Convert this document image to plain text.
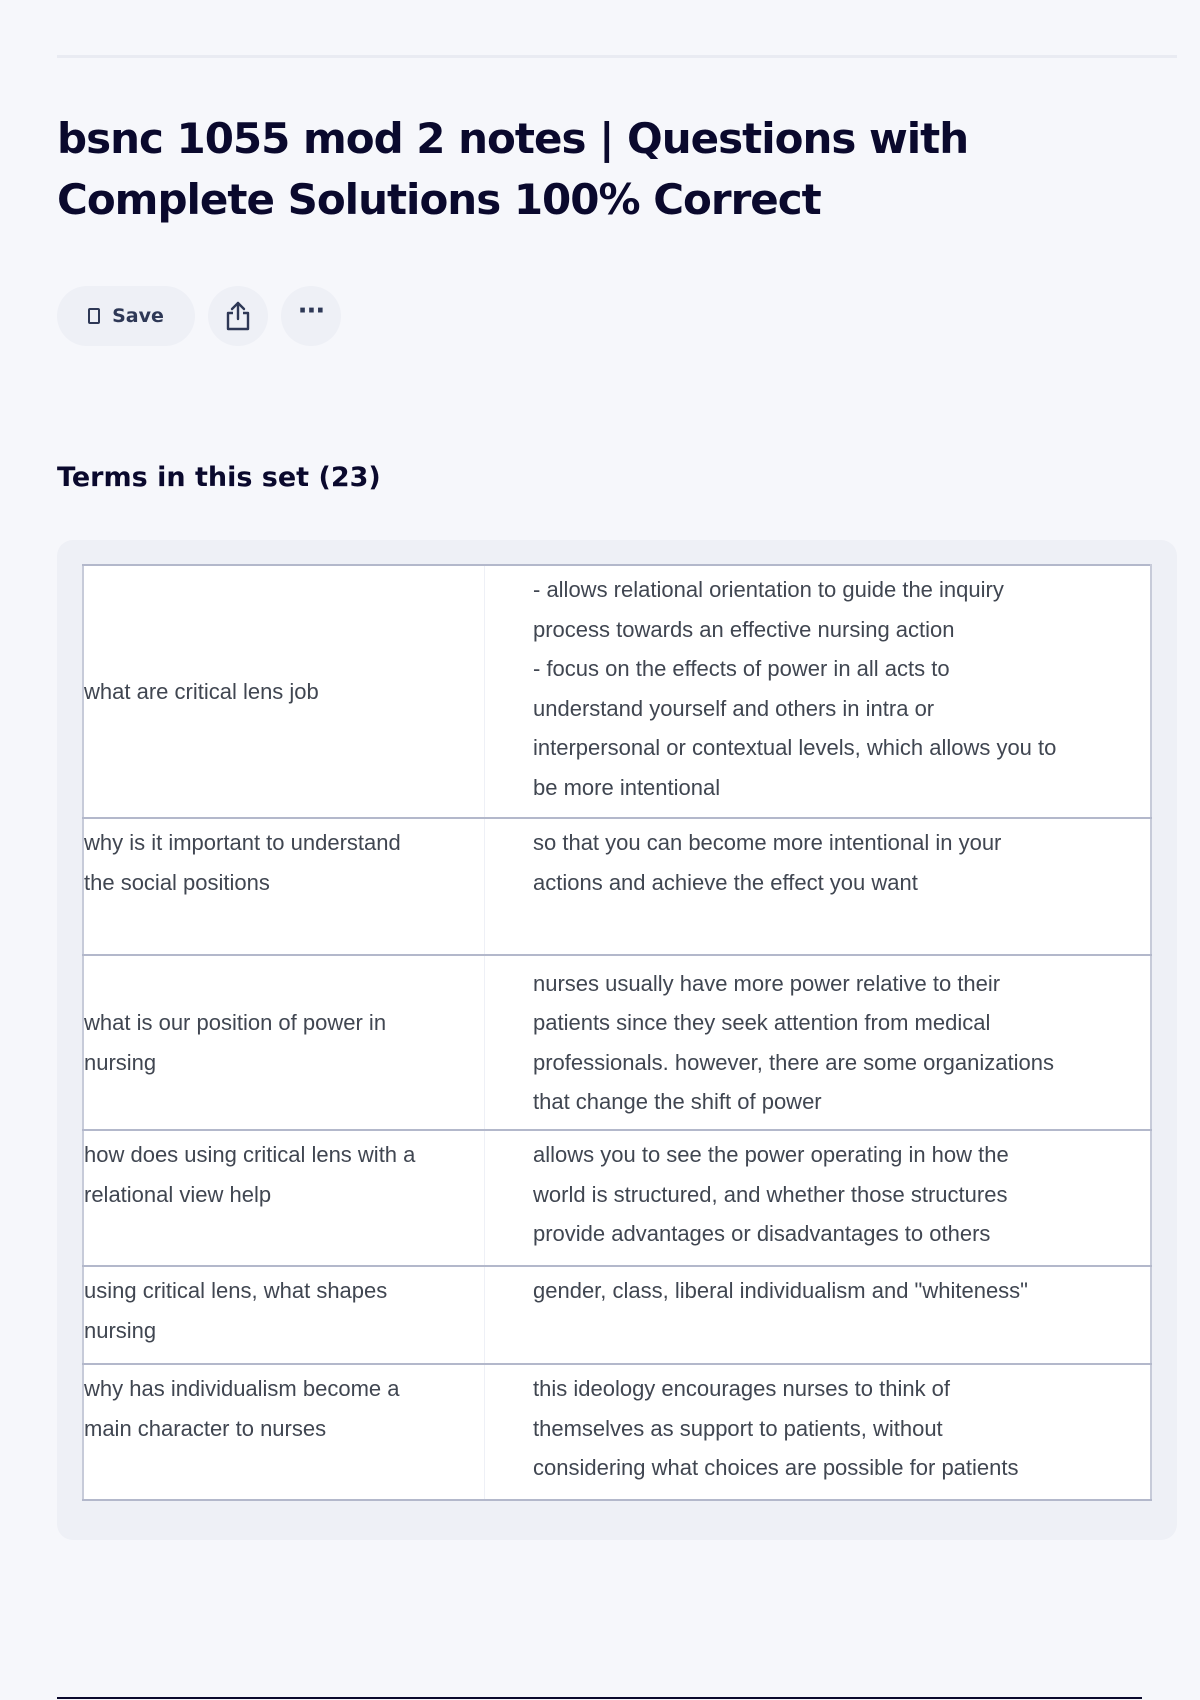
bsnc 1055 mod 2 notes | Questions with Complete Solutions 100% Correct
Save	···
Terms in this set (23)
what are critical lens job	- allows relational orientation to guide the inquiry process towards an effective nursing action
- focus on the effects of power in all acts to understand yourself and others in intra or interpersonal or contextual levels, which allows you to be more intentional

why is it important to understand the social positions	so that you can become more intentional in your actions and achieve the effect you want
what is our position of power in nursing	nurses usually have more power relative to their patients since they seek attention from medical professionals. however, there are some organizations that change the shift of power
how does using critical lens with a relational view help	allows you to see the power operating in how the world is structured, and whether those structures provide advantages or disadvantages to others
using critical lens, what shapes nursing	gender, class, liberal individualism and "whiteness"
why has individualism become a main character to nurses	this ideology encourages nurses to think of themselves as support to patients, without considering what choices are possible for patients
